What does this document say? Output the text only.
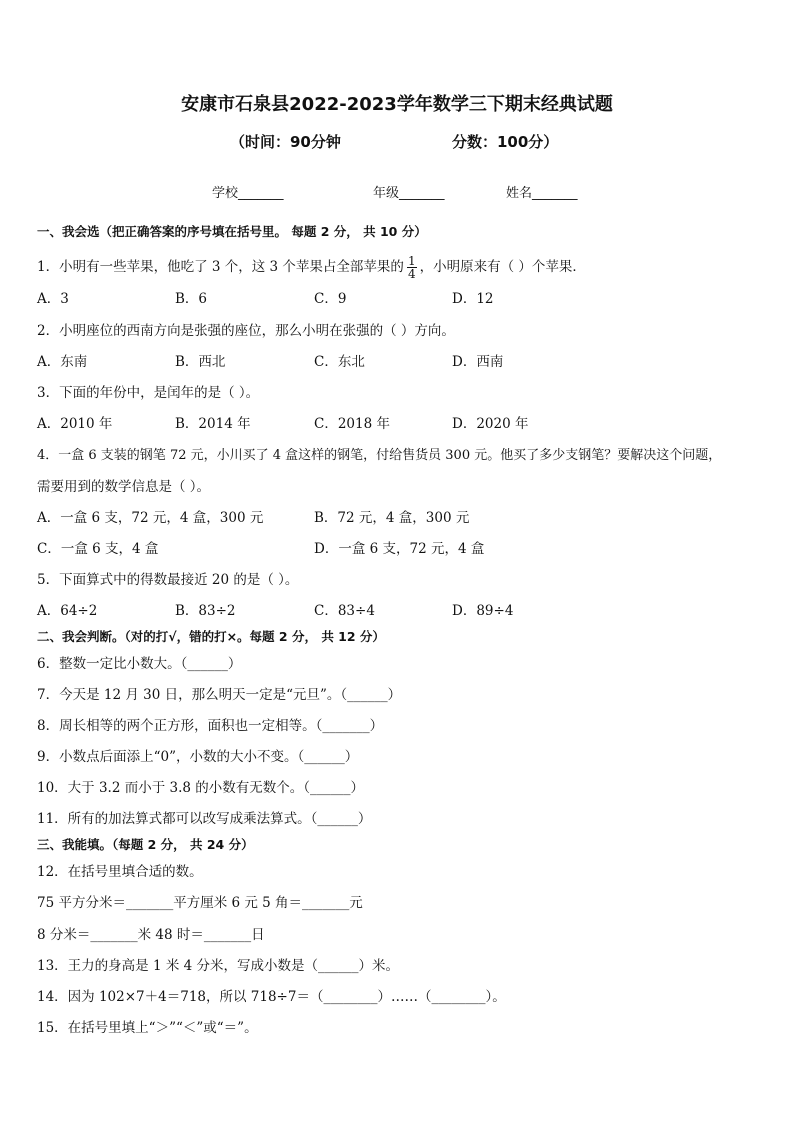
安康市石泉县2022-2023学年数学三下期末经典试题
（时间：90分钟	分数：100分）
学校_______	年级_______	姓名_______
一、我会选（把正确答案的序号填在括号里。 每题 2 分， 共 10 分）
1．小明有一些苹果，他吃了 3 个，这 3 个苹果占全部苹果的 $\frac{1}{4}$ ，小明原来有（ ）个苹果．
A．3	B．6	C．9	D．12
2．小明座位的西南方向是张强的座位，那么小明在张强的（ ）方向。
A．东南	B．西北	C．东北	D．西南
3．下面的年份中，是闰年的是（ ）。
A．2010 年	B．2014 年	C．2018 年	D．2020 年
4．一盒 6 支装的钢笔 72 元，小川买了 4 盒这样的钢笔，付给售货员 300 元。他买了多少支钢笔？要解决这个问题，
需要用到的数学信息是（ ）。
A．一盒 6 支，72 元，4 盒，300 元	B．72 元，4 盒，300 元
C．一盒 6 支，4 盒	D．一盒 6 支，72 元，4 盒
5．下面算式中的得数最接近 20 的是（ ）。
A．64÷2	B．83÷2	C．83÷4	D．89÷4
二、我会判断。（对的打√，错的打×。每题 2 分， 共 12 分）
6．整数一定比小数大。（______）
7．今天是 12 月 30 日，那么明天一定是“元旦”。（______）
8．周长相等的两个正方形，面积也一定相等。（_______）
9．小数点后面添上“0”，小数的大小不变。（______）
10．大于 3.2 而小于 3.8 的小数有无数个。（______）
11．所有的加法算式都可以改写成乘法算式。（______）
三、我能填。（每题 2 分， 共 24 分）
12．在括号里填合适的数。
75 平方分米＝_______平方厘米 6 元 5 角＝_______元
8 分米＝_______米 48 时＝_______日
13．王力的身高是 1 米 4 分米，写成小数是（______）米。
14．因为 102×7＋4＝718，所以 718÷7＝（________）……（________）。
15．在括号里填上“＞”“＜”或“＝”。
